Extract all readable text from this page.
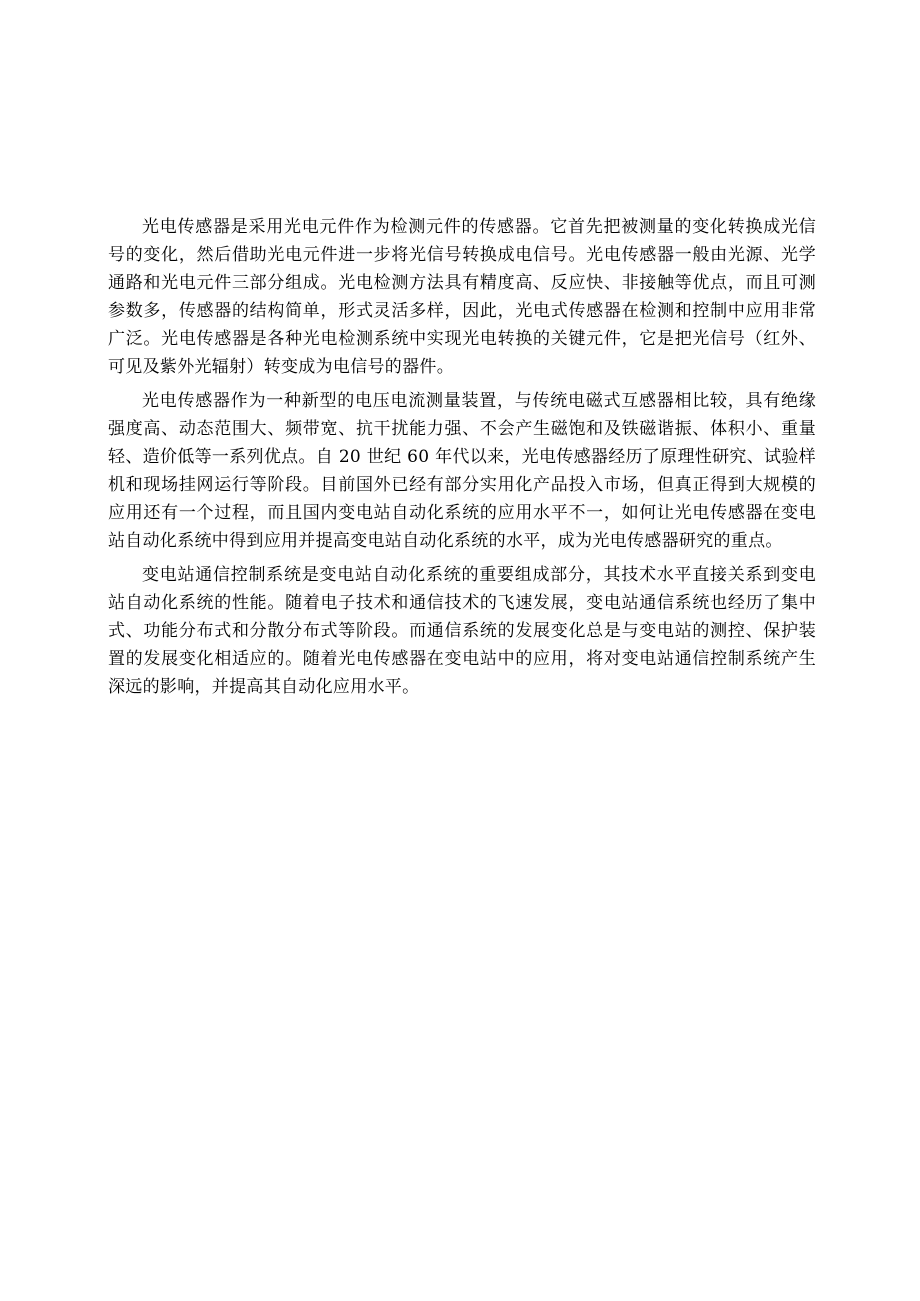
光电传感器是采用光电元件作为检测元件的传感器。它首先把被测量的变化转换成光信号的变化，然后借助光电元件进一步将光信号转换成电信号。光电传感器一般由光源、光学通路和光电元件三部分组成。光电检测方法具有精度高、反应快、非接触等优点，而且可测参数多，传感器的结构简单，形式灵活多样，因此，光电式传感器在检测和控制中应用非常广泛。光电传感器是各种光电检测系统中实现光电转换的关键元件，它是把光信号（红外、可见及紫外光辐射）转变成为电信号的器件。

光电传感器作为一种新型的电压电流测量装置，与传统电磁式互感器相比较，具有绝缘强度高、动态范围大、频带宽、抗干扰能力强、不会产生磁饱和及铁磁谐振、体积小、重量轻、造价低等一系列优点。自 20 世纪 60 年代以来，光电传感器经历了原理性研究、试验样机和现场挂网运行等阶段。目前国外已经有部分实用化产品投入市场，但真正得到大规模的应用还有一个过程，而且国内变电站自动化系统的应用水平不一，如何让光电传感器在变电站自动化系统中得到应用并提高变电站自动化系统的水平，成为光电传感器研究的重点。

变电站通信控制系统是变电站自动化系统的重要组成部分，其技术水平直接关系到变电站自动化系统的性能。随着电子技术和通信技术的飞速发展，变电站通信系统也经历了集中式、功能分布式和分散分布式等阶段。而通信系统的发展变化总是与变电站的测控、保护装置的发展变化相适应的。随着光电传感器在变电站中的应用，将对变电站通信控制系统产生深远的影响，并提高其自动化应用水平。
